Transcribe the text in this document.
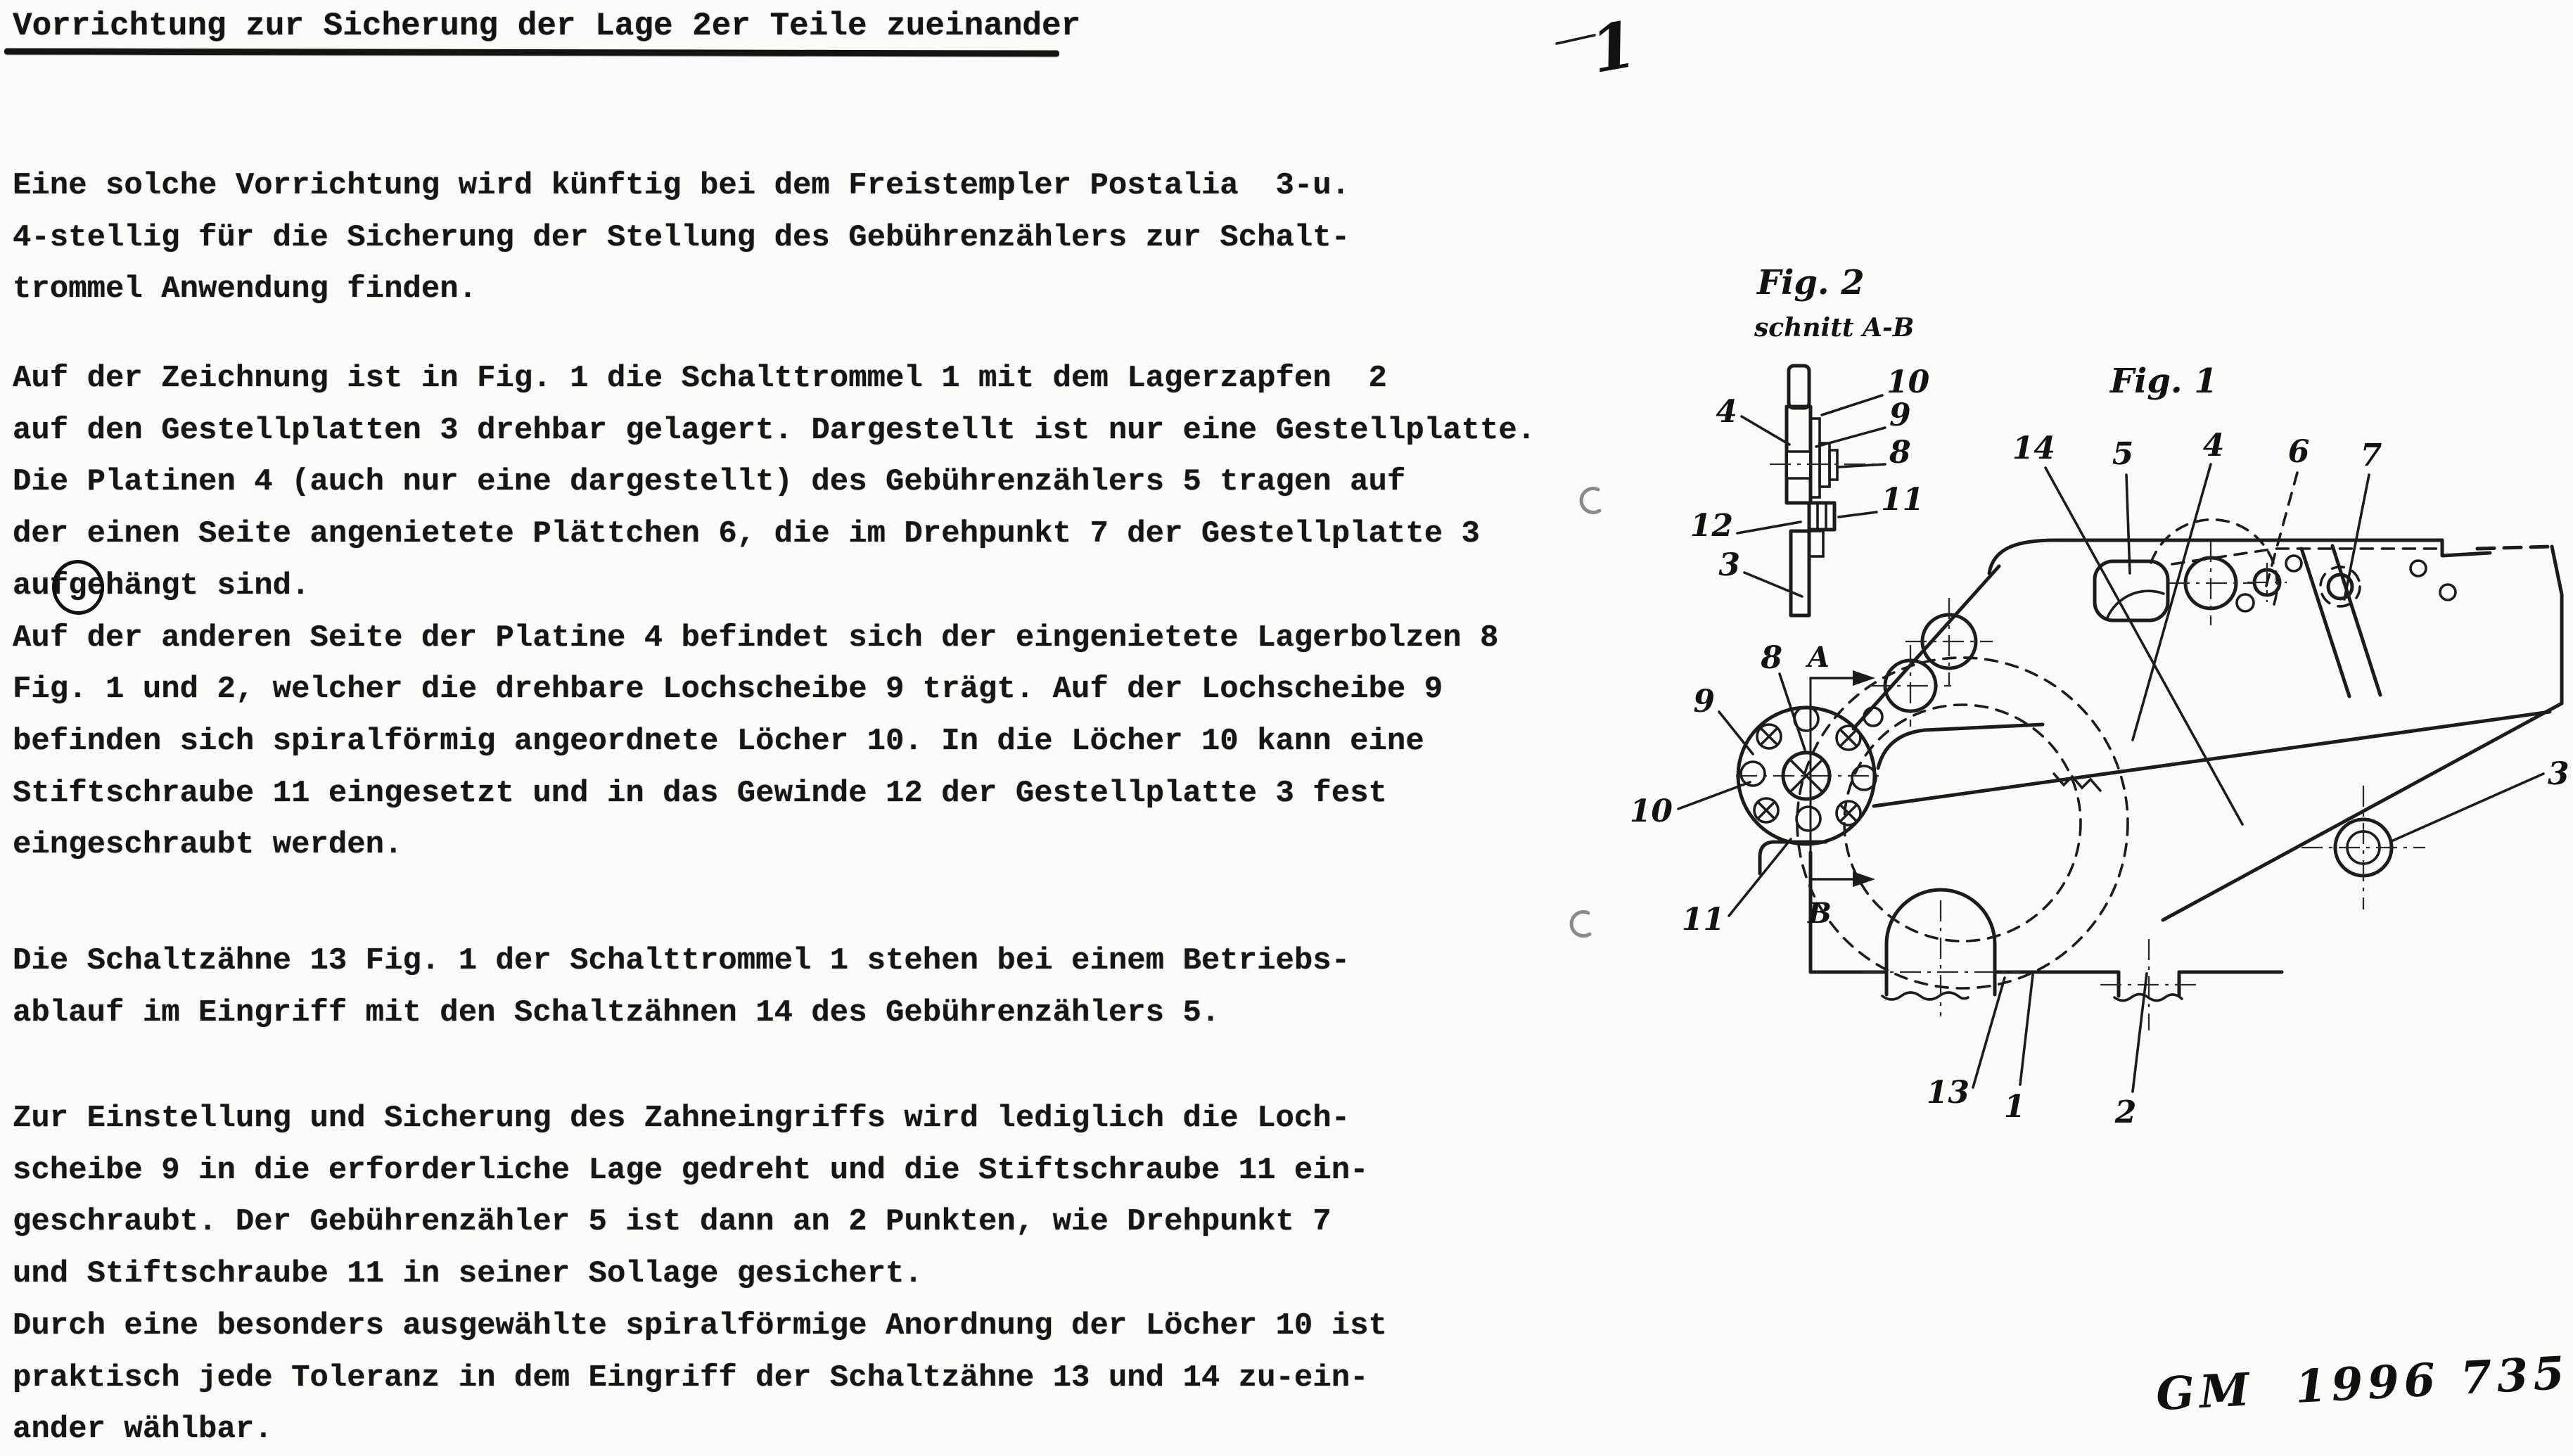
Vorrichtung zur Sicherung der Lage 2er Teile zueinander
Eine solche Vorrichtung wird künftig bei dem Freistempler Postalia  3-u.
4-stellig für die Sicherung der Stellung des Gebührenzählers zur Schalt-
trommel Anwendung finden.
Auf der Zeichnung ist in Fig. 1 die Schalttrommel 1 mit dem Lagerzapfen  2
auf den Gestellplatten 3 drehbar gelagert. Dargestellt ist nur eine Gestellplatte.
Die Platinen 4 (auch nur eine dargestellt) des Gebührenzählers 5 tragen auf
der einen Seite angenietete Plättchen 6, die im Drehpunkt 7 der Gestellplatte 3
aufgehängt sind.
Auf der anderen Seite der Platine 4 befindet sich der eingenietete Lagerbolzen 8
Fig. 1 und 2, welcher die drehbare Lochscheibe 9 trägt. Auf der Lochscheibe 9
befinden sich spiralförmig angeordnete Löcher 10. In die Löcher 10 kann eine
Stiftschraube 11 eingesetzt und in das Gewinde 12 der Gestellplatte 3 fest
eingeschraubt werden.
Die Schaltzähne 13 Fig. 1 der Schalttrommel 1 stehen bei einem Betriebs-
ablauf im Eingriff mit den Schaltzähnen 14 des Gebührenzählers 5.
Zur Einstellung und Sicherung des Zahneingriffs wird lediglich die Loch-
scheibe 9 in die erforderliche Lage gedreht und die Stiftschraube 11 ein-
geschraubt. Der Gebührenzähler 5 ist dann an 2 Punkten, wie Drehpunkt 7
und Stiftschraube 11 in seiner Sollage gesichert.
Durch eine besonders ausgewählte spiralförmige Anordnung der Löcher 10 ist
praktisch jede Toleranz in dem Eingriff der Schaltzähne 13 und 14 zu-ein-
ander wählbar.
1
Fig. 2
schnitt A-B
4
10
9
8
11
12
3
Fig. 1
A
B
14 5 4 6 7
9
10
8
11
13 1	2
3
GM  1996 735
